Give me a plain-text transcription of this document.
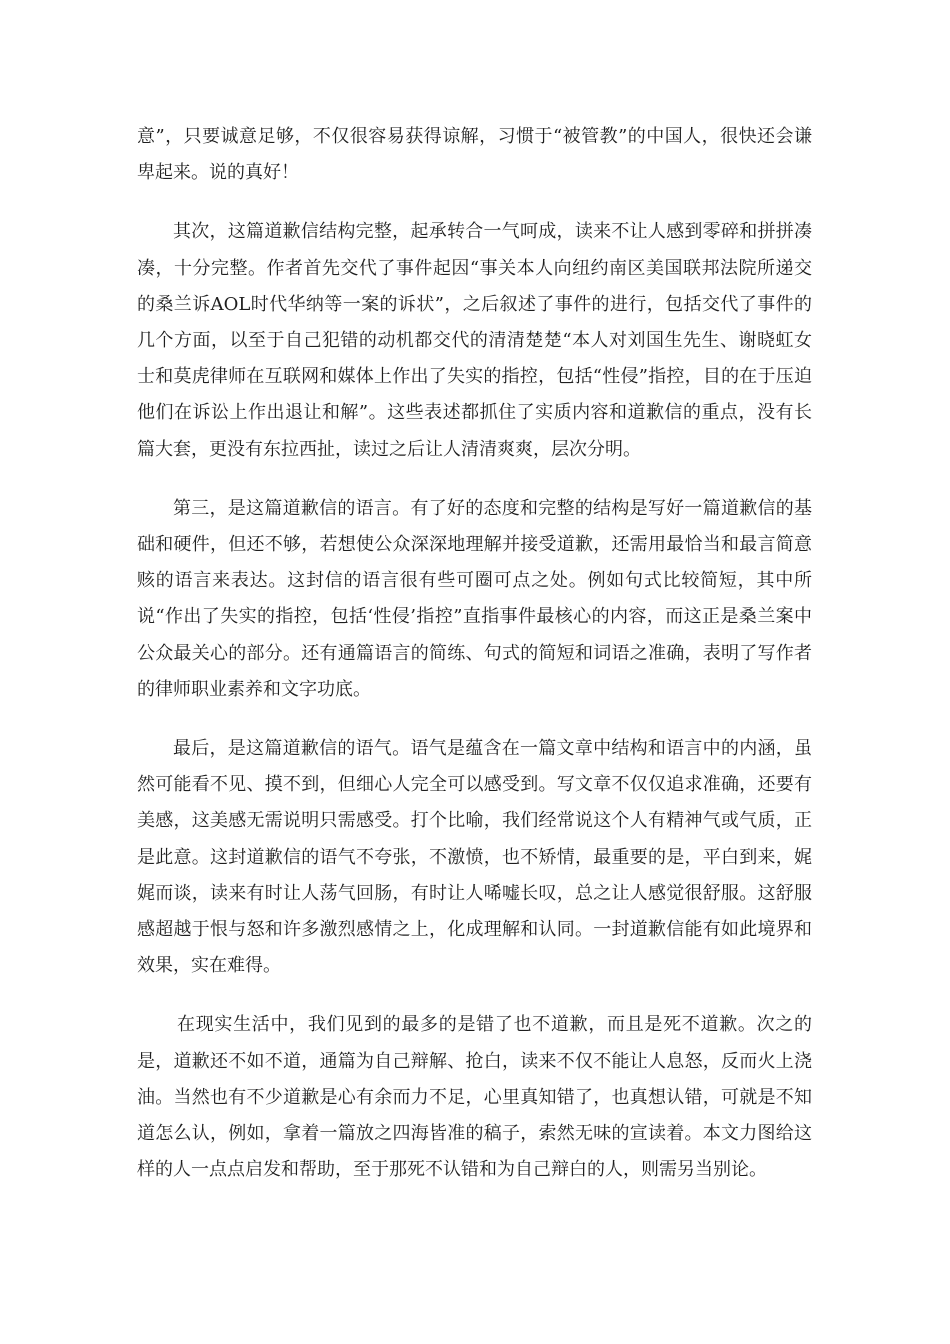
意”，只要诚意足够，不仅很容易获得谅解，习惯于“被管教”的中国人，很快还会谦卑起来。说的真好！

其次，这篇道歉信结构完整，起承转合一气呵成，读来不让人感到零碎和拼拼凑凑，十分完整。作者首先交代了事件起因“事关本人向纽约南区美国联邦法院所递交的桑兰诉AOL时代华纳等一案的诉状”，之后叙述了事件的进行，包括交代了事件的几个方面，以至于自己犯错的动机都交代的清清楚楚“本人对刘国生先生、谢晓虹女士和莫虎律师在互联网和媒体上作出了失实的指控，包括“性侵”指控，目的在于压迫他们在诉讼上作出退让和解”。这些表述都抓住了实质内容和道歉信的重点，没有长篇大套，更没有东拉西扯，读过之后让人清清爽爽，层次分明。

第三，是这篇道歉信的语言。有了好的态度和完整的结构是写好一篇道歉信的基础和硬件，但还不够，若想使公众深深地理解并接受道歉，还需用最恰当和最言简意赅的语言来表达。这封信的语言很有些可圈可点之处。例如句式比较简短，其中所说“作出了失实的指控，包括‘性侵’指控”直指事件最核心的内容，而这正是桑兰案中公众最关心的部分。还有通篇语言的简练、句式的简短和词语之准确，表明了写作者的律师职业素养和文字功底。

最后，是这篇道歉信的语气。语气是蕴含在一篇文章中结构和语言中的内涵，虽然可能看不见、摸不到，但细心人完全可以感受到。写文章不仅仅追求准确，还要有美感，这美感无需说明只需感受。打个比喻，我们经常说这个人有精神气或气质，正是此意。这封道歉信的语气不夸张，不激愤，也不矫情，最重要的是，平白到来，娓娓而谈，读来有时让人荡气回肠，有时让人唏嘘长叹，总之让人感觉很舒服。这舒服感超越于恨与怒和许多激烈感情之上，化成理解和认同。一封道歉信能有如此境界和效果，实在难得。

在现实生活中，我们见到的最多的是错了也不道歉，而且是死不道歉。次之的是，道歉还不如不道，通篇为自己辩解、抢白，读来不仅不能让人息怒，反而火上浇油。当然也有不少道歉是心有余而力不足，心里真知错了，也真想认错，可就是不知道怎么认，例如，拿着一篇放之四海皆准的稿子，索然无味的宣读着。本文力图给这样的人一点点启发和帮助，至于那死不认错和为自己辩白的人，则需另当别论。
